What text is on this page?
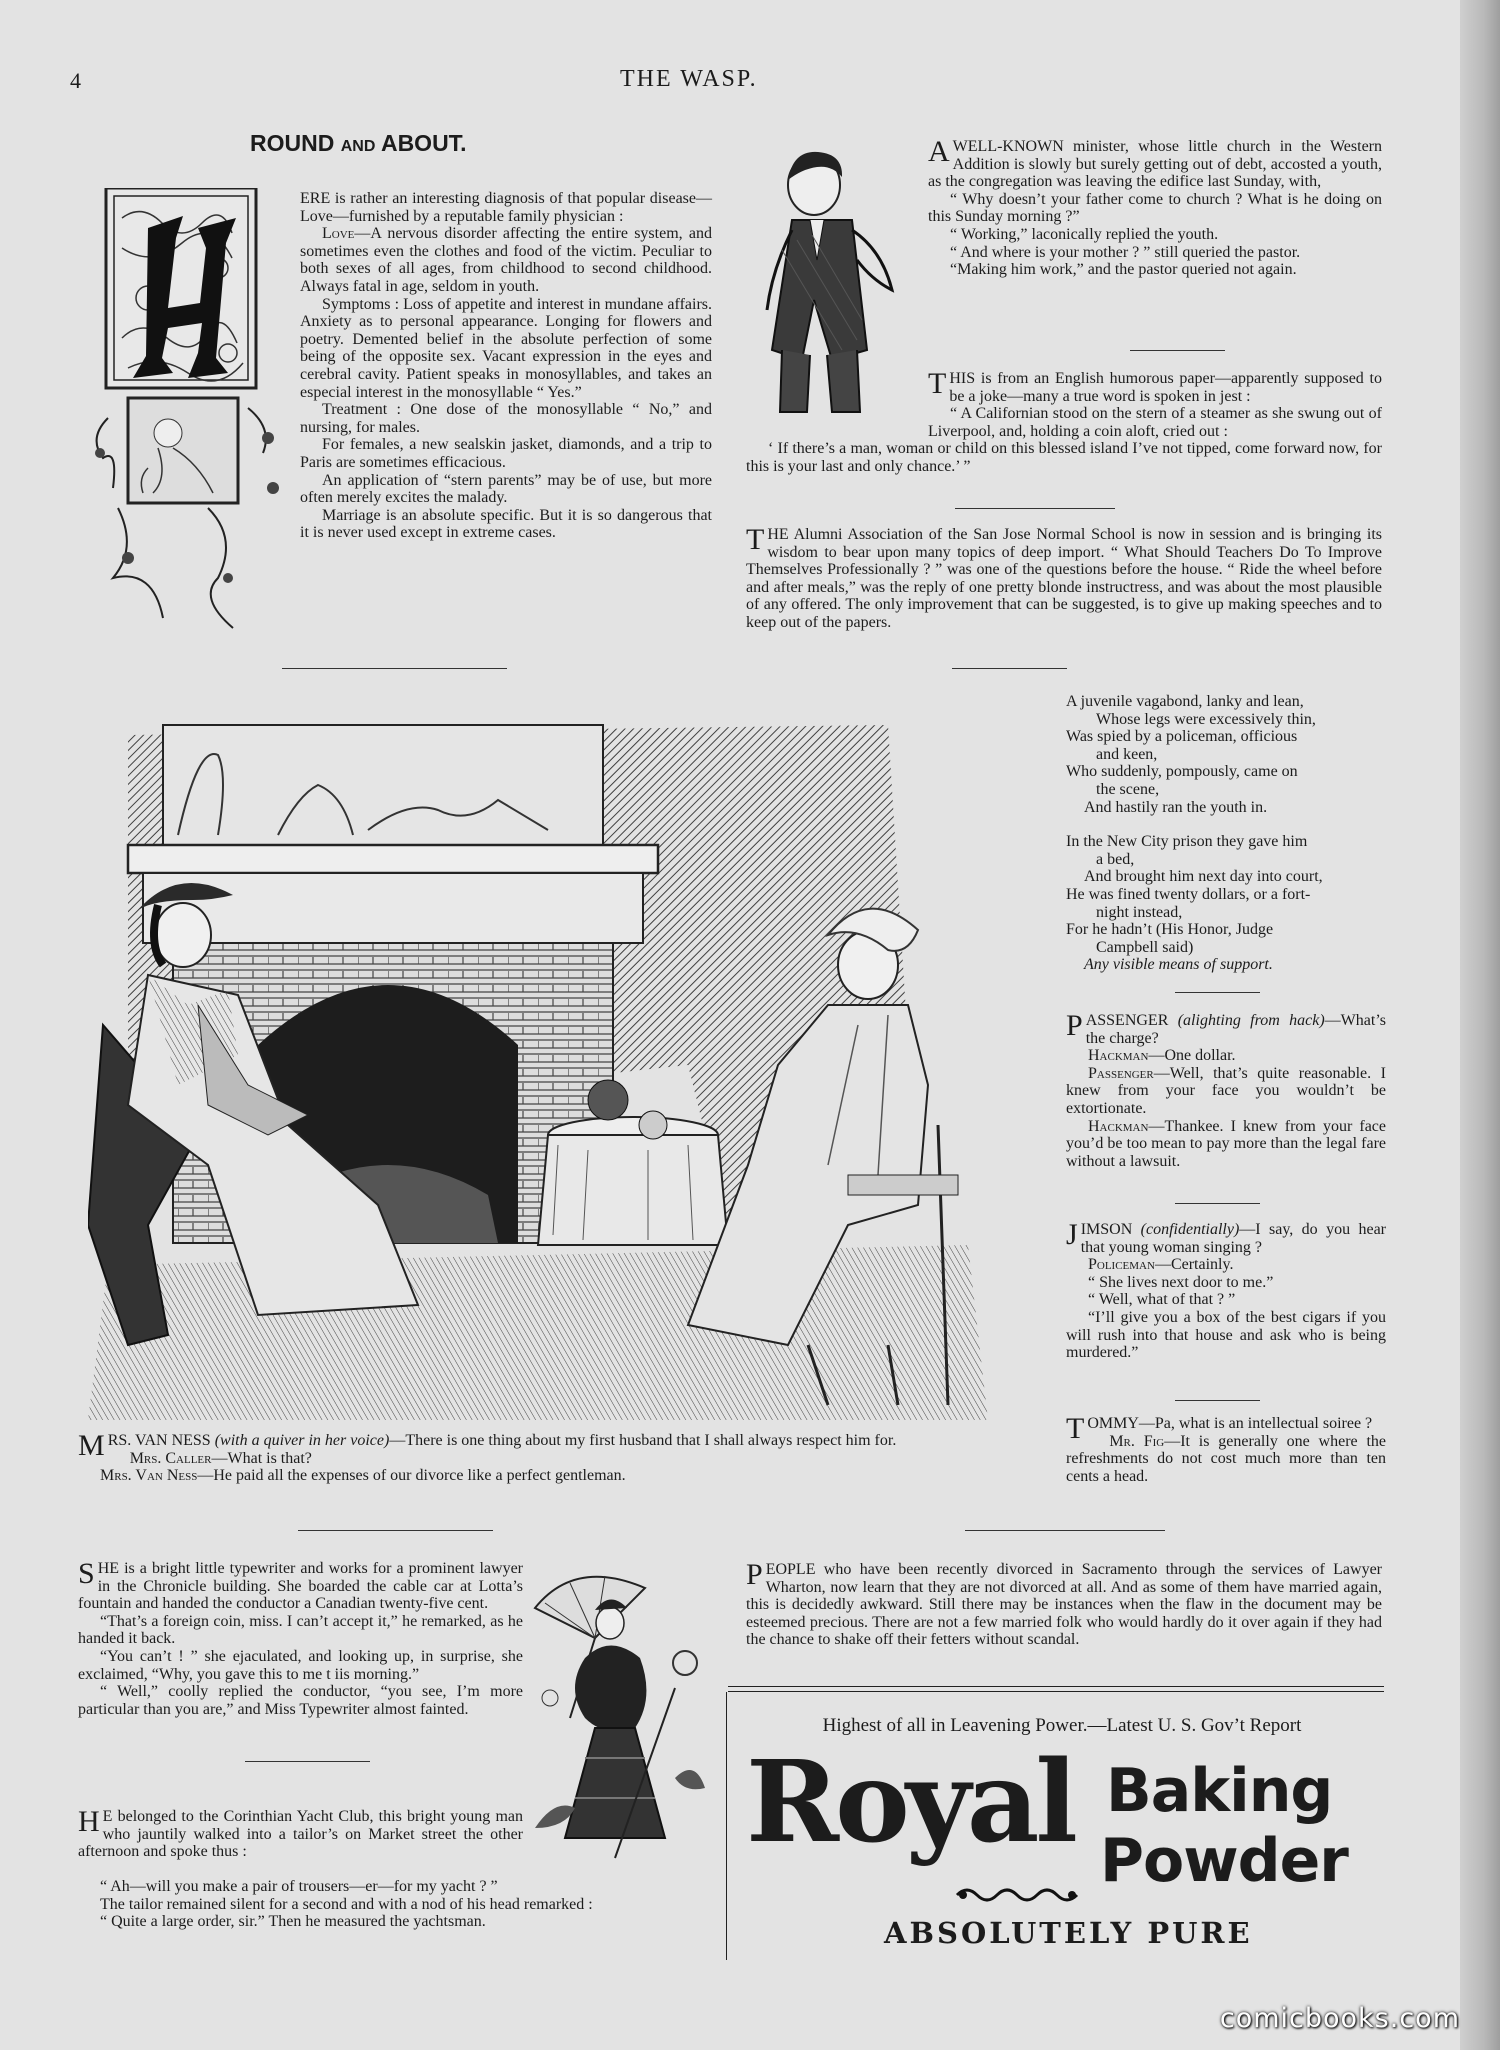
4	THE WASP.
ROUND AND ABOUT.

ERE is rather an interesting diagnosis of that popular disease—Love—furnished by a reputable family physician :

Love—A nervous disorder affecting the entire system, and sometimes even the clothes and food of the victim. Peculiar to both sexes of all ages, from childhood to second childhood. Always fatal in age, seldom in youth.

Symptoms : Loss of appetite and interest in mundane affairs. Anxiety as to personal appearance. Longing for flowers and poetry. Demented belief in the absolute perfection of some being of the opposite sex. Vacant expression in the eyes and cerebral cavity. Patient speaks in monosyllables, and takes an especial interest in the monosyllable “ Yes.”

Treatment : One dose of the monosyllable “ No,” and nursing, for males.

For females, a new sealskin jasket, diamonds, and a trip to Paris are sometimes efficacious.

An application of “stern parents” may be of use, but more often merely excites the malady.

Marriage is an absolute specific. But it is so dangerous that it is never used except in extreme cases.

AWELL-KNOWN minister, whose little church in the Western Addition is slowly but surely getting out of debt, accosted a youth, as the congregation was leaving the edifice last Sunday, with,

“ Why doesn’t your father come to church ? What is he doing on this Sunday morning ?”

“ Working,” laconically replied the youth.

“ And where is your mother ? ” still queried the pastor.

“Making him work,” and the pastor queried not again.

THIS is from an English humorous paper—apparently supposed to be a joke—many a true word is spoken in jest :

“ A Californian stood on the stern of a steamer as she swung out of Liverpool, and, holding a coin aloft, cried out :

‘ If there’s a man, woman or child on this blessed island I’ve not tipped, come forward now, for this is your last and only chance.’ ”

THE Alumni Association of the San Jose Normal School is now in session and is bringing its wisdom to bear upon many topics of deep import. “ What Should Teachers Do To Improve Themselves Professionally ? ” was one of the questions before the house. “ Ride the wheel before and after meals,” was the reply of one pretty blonde instructress, and was about the most plausible of any offered. The only improvement that can be suggested, is to give up making speeches and to keep out of the papers.

A juvenile vagabond, lanky and lean,

Whose legs were excessively thin,

Was spied by a policeman, officious

and keen,

Who suddenly, pompously, came on

the scene,

And hastily ran the youth in.

In the New City prison they gave him

a bed,

And brought him next day into court,

He was fined twenty dollars, or a fort-

night instead,

For he hadn’t (His Honor, Judge

Campbell said)

Any visible means of support.

PASSENGER (alighting from hack)—What’s the charge?

Hackman—One dollar.

Passenger—Well, that’s quite reasonable. I knew from your face you wouldn’t be extortionate.

Hackman—Thankee. I knew from your face you’d be too mean to pay more than the legal fare without a lawsuit.

JIMSON (confidentially)—I say, do you hear that young woman singing ?

Policeman—Certainly.

“ She lives next door to me.”

“ Well, what of that ? ”

“I’ll give you a box of the best cigars if you will rush into that house and ask who is being murdered.”

TOMMY—Pa, what is an intellectual soiree ?

Mr. Fig—It is generally one where the refreshments do not cost much more than ten cents a head.

MRS. VAN NESS (with a quiver in her voice)—There is one thing about my first husband that I shall always respect him for.

Mrs. Caller—What is that?

Mrs. Van Ness—He paid all the expenses of our divorce like a perfect gentleman.

SHE is a bright little typewriter and works for a prominent lawyer in the Chronicle building. She boarded the cable car at Lotta’s fountain and handed the conductor a Canadian twenty-five cent.

“That’s a foreign coin, miss. I can’t accept it,” he remarked, as he handed it back.

“You can’t ! ” she ejaculated, and looking up, in surprise, she exclaimed, “Why, you gave this to me t iis morning.”

“ Well,” coolly replied the conductor, “you see, I’m more particular than you are,” and Miss Typewriter almost fainted.

H E belonged to the Corinthian Yacht Club, this bright young man who jauntily walked into a tailor’s on Market street the other afternoon and spoke thus :

“ Ah—will you make a pair of trousers—er—for my yacht ? ”

The tailor remained silent for a second and with a nod of his head remarked :

“ Quite a large order, sir.” Then he measured the yachtsman.

PEOPLE who have been recently divorced in Sacramento through the services of Lawyer Wharton, now learn that they are not divorced at all. And as some of them have married again, this is decidedly awkward. Still there may be instances when the flaw in the document may be esteemed precious. There are not a few married folk who would hardly do it over again if they had the chance to shake off their fetters without scandal.

Highest of all in Leavening Power.—Latest U. S. Gov’t Report
Royal Baking
Powder
ABSOLUTELY PURE
comicbooks.com
